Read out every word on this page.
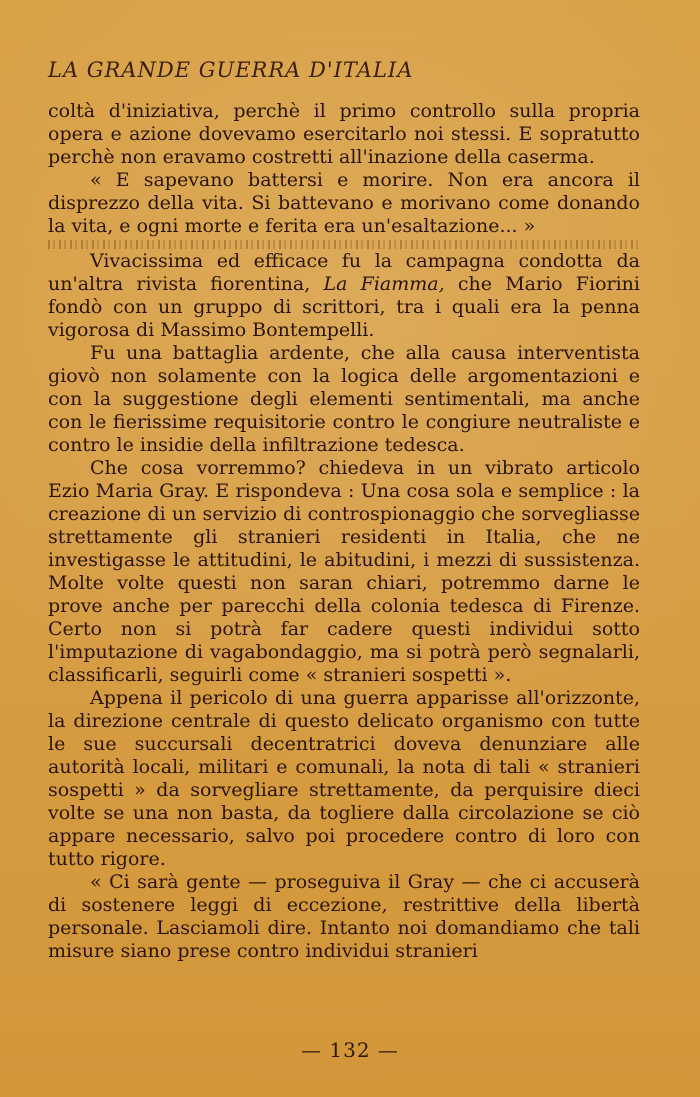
LA GRANDE GUERRA D'ITALIA

coltà d'iniziativa, perchè il primo controllo sulla propria opera e azione dovevamo esercitarlo noi stessi. E sopratutto perchè non eravamo costretti all'inazione della caserma.

« E sapevano battersi e morire. Non era ancora il disprezzo della vita. Si battevano e morivano come donando la vita, e ogni morte e ferita era un'esaltazione... »

Vivacissima ed efficace fu la campagna condotta da un'altra rivista fiorentina, La Fiamma, che Mario Fiorini fondò con un gruppo di scrittori, tra i quali era la penna vigorosa di Massimo Bontempelli.

Fu una battaglia ardente, che alla causa interventista giovò non solamente con la logica delle argomentazioni e con la suggestione degli elementi sentimentali, ma anche con le fierissime requisitorie contro le congiure neutraliste e contro le insidie della infiltrazione tedesca.

Che cosa vorremmo? chiedeva in un vibrato articolo Ezio Maria Gray. E rispondeva : Una cosa sola e semplice : la creazione di un servizio di controspionaggio che sorvegliasse strettamente gli stranieri residenti in Italia, che ne investigasse le attitudini, le abitudini, i mezzi di sussistenza. Molte volte questi non saran chiari, potremmo darne le prove anche per parecchi della colonia tedesca di Firenze. Certo non si potrà far cadere questi individui sotto l'imputazione di vagabondaggio, ma si potrà però segnalarli, classificarli, seguirli come « stranieri sospetti ».

Appena il pericolo di una guerra apparisse all'orizzonte, la direzione centrale di questo delicato organismo con tutte le sue succursali decentratrici doveva denunziare alle autorità locali, militari e comunali, la nota di tali « stranieri sospetti » da sorvegliare strettamente, da perquisire dieci volte se una non basta, da togliere dalla circolazione se ciò appare necessario, salvo poi procedere contro di loro con tutto rigore.

« Ci sarà gente — proseguiva il Gray — che ci accuserà di sostenere leggi di eccezione, restrittive della libertà personale. Lasciamoli dire. Intanto noi domandiamo che tali misure siano prese contro individui stranieri

— 132 —
